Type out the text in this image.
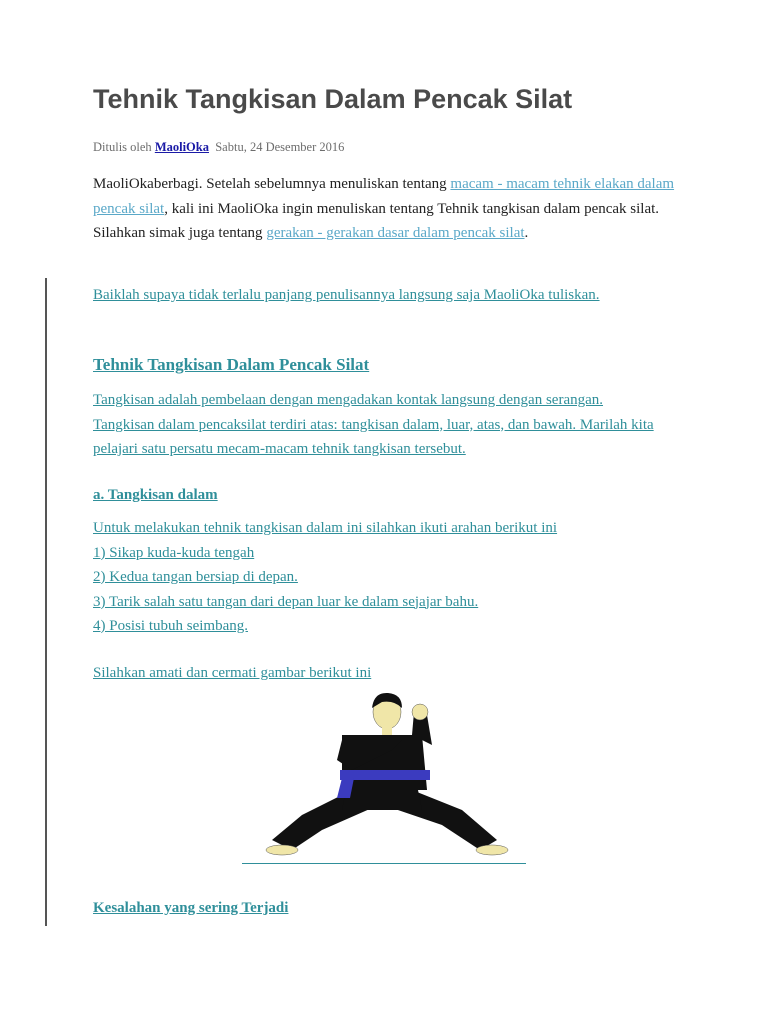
Tehnik Tangkisan Dalam Pencak Silat
Ditulis oleh MaoliOka Sabtu, 24 Desember 2016
MaoliOkaberbagi. Setelah sebelumnya menuliskan tentang macam - macam tehnik elakan dalam pencak silat, kali ini MaoliOka ingin menuliskan tentang Tehnik tangkisan dalam pencak silat.
Silahkan simak juga tentang gerakan - gerakan dasar dalam pencak silat.
Baiklah supaya tidak terlalu panjang penulisannya langsung saja MaoliOka tuliskan.
Tehnik Tangkisan Dalam Pencak Silat
Tangkisan adalah pembelaan dengan mengadakan kontak langsung dengan serangan.
Tangkisan dalam pencaksilat terdiri atas: tangkisan dalam, luar, atas, dan bawah. Marilah kita
pelajari satu persatu mecam-macam tehnik tangkisan tersebut.
a. Tangkisan dalam
Untuk melakukan tehnik tangkisan dalam ini silahkan ikuti arahan berikut ini
1) Sikap kuda-kuda tengah
2) Kedua tangan bersiap di depan.
3) Tarik salah satu tangan dari depan luar ke dalam sejajar bahu.
4) Posisi tubuh seimbang.
Silahkan amati dan cermati gambar berikut ini
Kesalahan yang sering Terjadi
